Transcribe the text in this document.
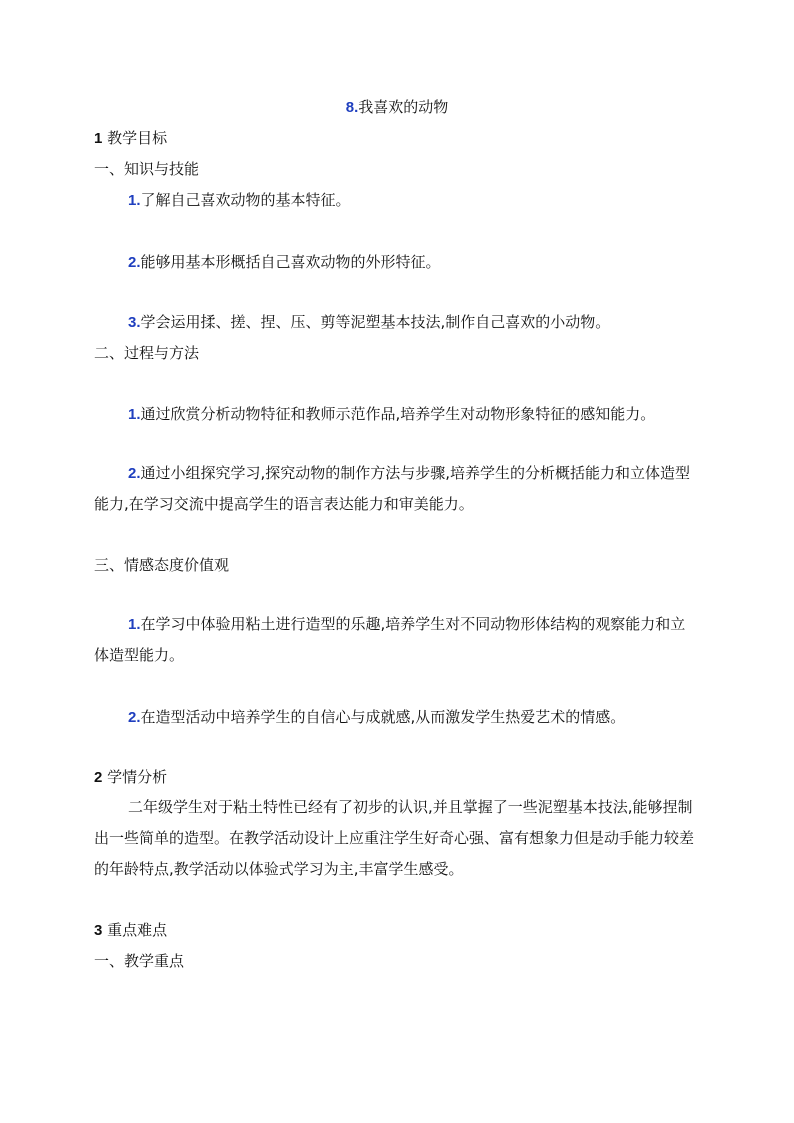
8.我喜欢的动物
1 教学目标
一、知识与技能
1.了解自己喜欢动物的基本特征。
2.能够用基本形概括自己喜欢动物的外形特征。
3.学会运用揉、搓、捏、压、剪等泥塑基本技法,制作自己喜欢的小动物。
二、过程与方法
1.通过欣赏分析动物特征和教师示范作品,培养学生对动物形象特征的感知能力。
2.通过小组探究学习,探究动物的制作方法与步骤,培养学生的分析概括能力和立体造型能力,在学习交流中提高学生的语言表达能力和审美能力。
三、情感态度价值观
1.在学习中体验用粘土进行造型的乐趣,培养学生对不同动物形体结构的观察能力和立体造型能力。
2.在造型活动中培养学生的自信心与成就感,从而激发学生热爱艺术的情感。
2 学情分析
二年级学生对于粘土特性已经有了初步的认识,并且掌握了一些泥塑基本技法,能够捏制出一些简单的造型。在教学活动设计上应重注学生好奇心强、富有想象力但是动手能力较差的年龄特点,教学活动以体验式学习为主,丰富学生感受。
3 重点难点
一、教学重点
